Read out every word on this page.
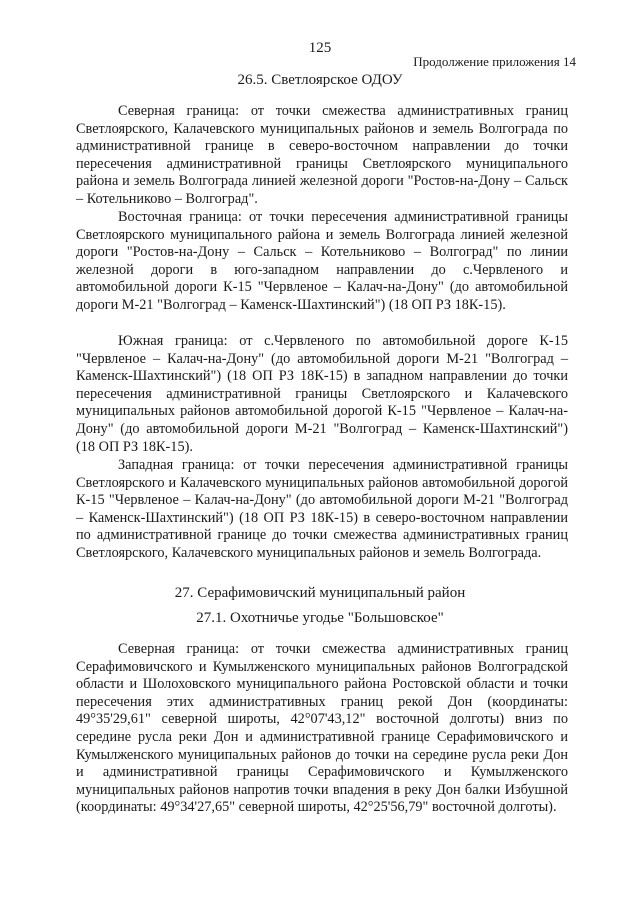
125
Продолжение приложения 14
26.5. Светлоярское ОДОУ

Северная граница: от точки смежества административных границ Светлоярского, Калачевского муниципальных районов и земель Волгограда по административной границе в северо-восточном направлении до точки пересечения административной границы Светлоярского муниципального района и земель Волгограда линией железной дороги "Ростов-на-Дону – Сальск – Котельниково – Волгоград".

Восточная граница: от точки пересечения административной границы Светлоярского муниципального района и земель Волгограда линией железной дороги "Ростов-на-Дону – Сальск – Котельниково – Волгоград" по линии железной дороги в юго-западном направлении до с.Червленого и автомобильной дороги К-15 "Червленое – Калач-на-Дону" (до автомобильной дороги М-21 "Волгоград – Каменск-Шахтинский") (18 ОП РЗ 18К-15).

Южная граница: от с.Червленого по автомобильной дороге К-15 "Червленое – Калач-на-Дону" (до автомобильной дороги М-21 "Волгоград – Каменск-Шахтинский") (18 ОП РЗ 18К-15) в западном направлении до точки пересечения административной границы Светлоярского и Калачевского муниципальных районов автомобильной дорогой К-15 "Червленое – Калач-на-Дону" (до автомобильной дороги М-21 "Волгоград – Каменск-Шахтинский") (18 ОП РЗ 18К-15).

Западная граница: от точки пересечения административной границы Светлоярского и Калачевского муниципальных районов автомобильной дорогой К-15 "Червленое – Калач-на-Дону" (до автомобильной дороги М-21 "Волгоград – Каменск-Шахтинский") (18 ОП РЗ 18К-15) в северо-восточном направлении по административной границе до точки смежества административных границ Светлоярского, Калачевского муниципальных районов и земель Волгограда.

27. Серафимовичский муниципальный район
27.1. Охотничье угодье "Большовское"

Северная граница: от точки смежества административных границ Серафимовичского и Кумылженского муниципальных районов Волгоградской области и Шолоховского муниципального района Ростовской области и точки пересечения этих административных границ рекой Дон (координаты: 49°35'29,61" северной широты, 42°07'43,12" восточной долготы) вниз по середине русла реки Дон и административной границе Серафимовичского и Кумылженского муниципальных районов до точки на середине русла реки Дон и административной границы Серафимовичского и Кумылженского муниципальных районов напротив точки впадения в реку Дон балки Избушной (координаты: 49°34'27,65" северной широты, 42°25'56,79" восточной долготы).
